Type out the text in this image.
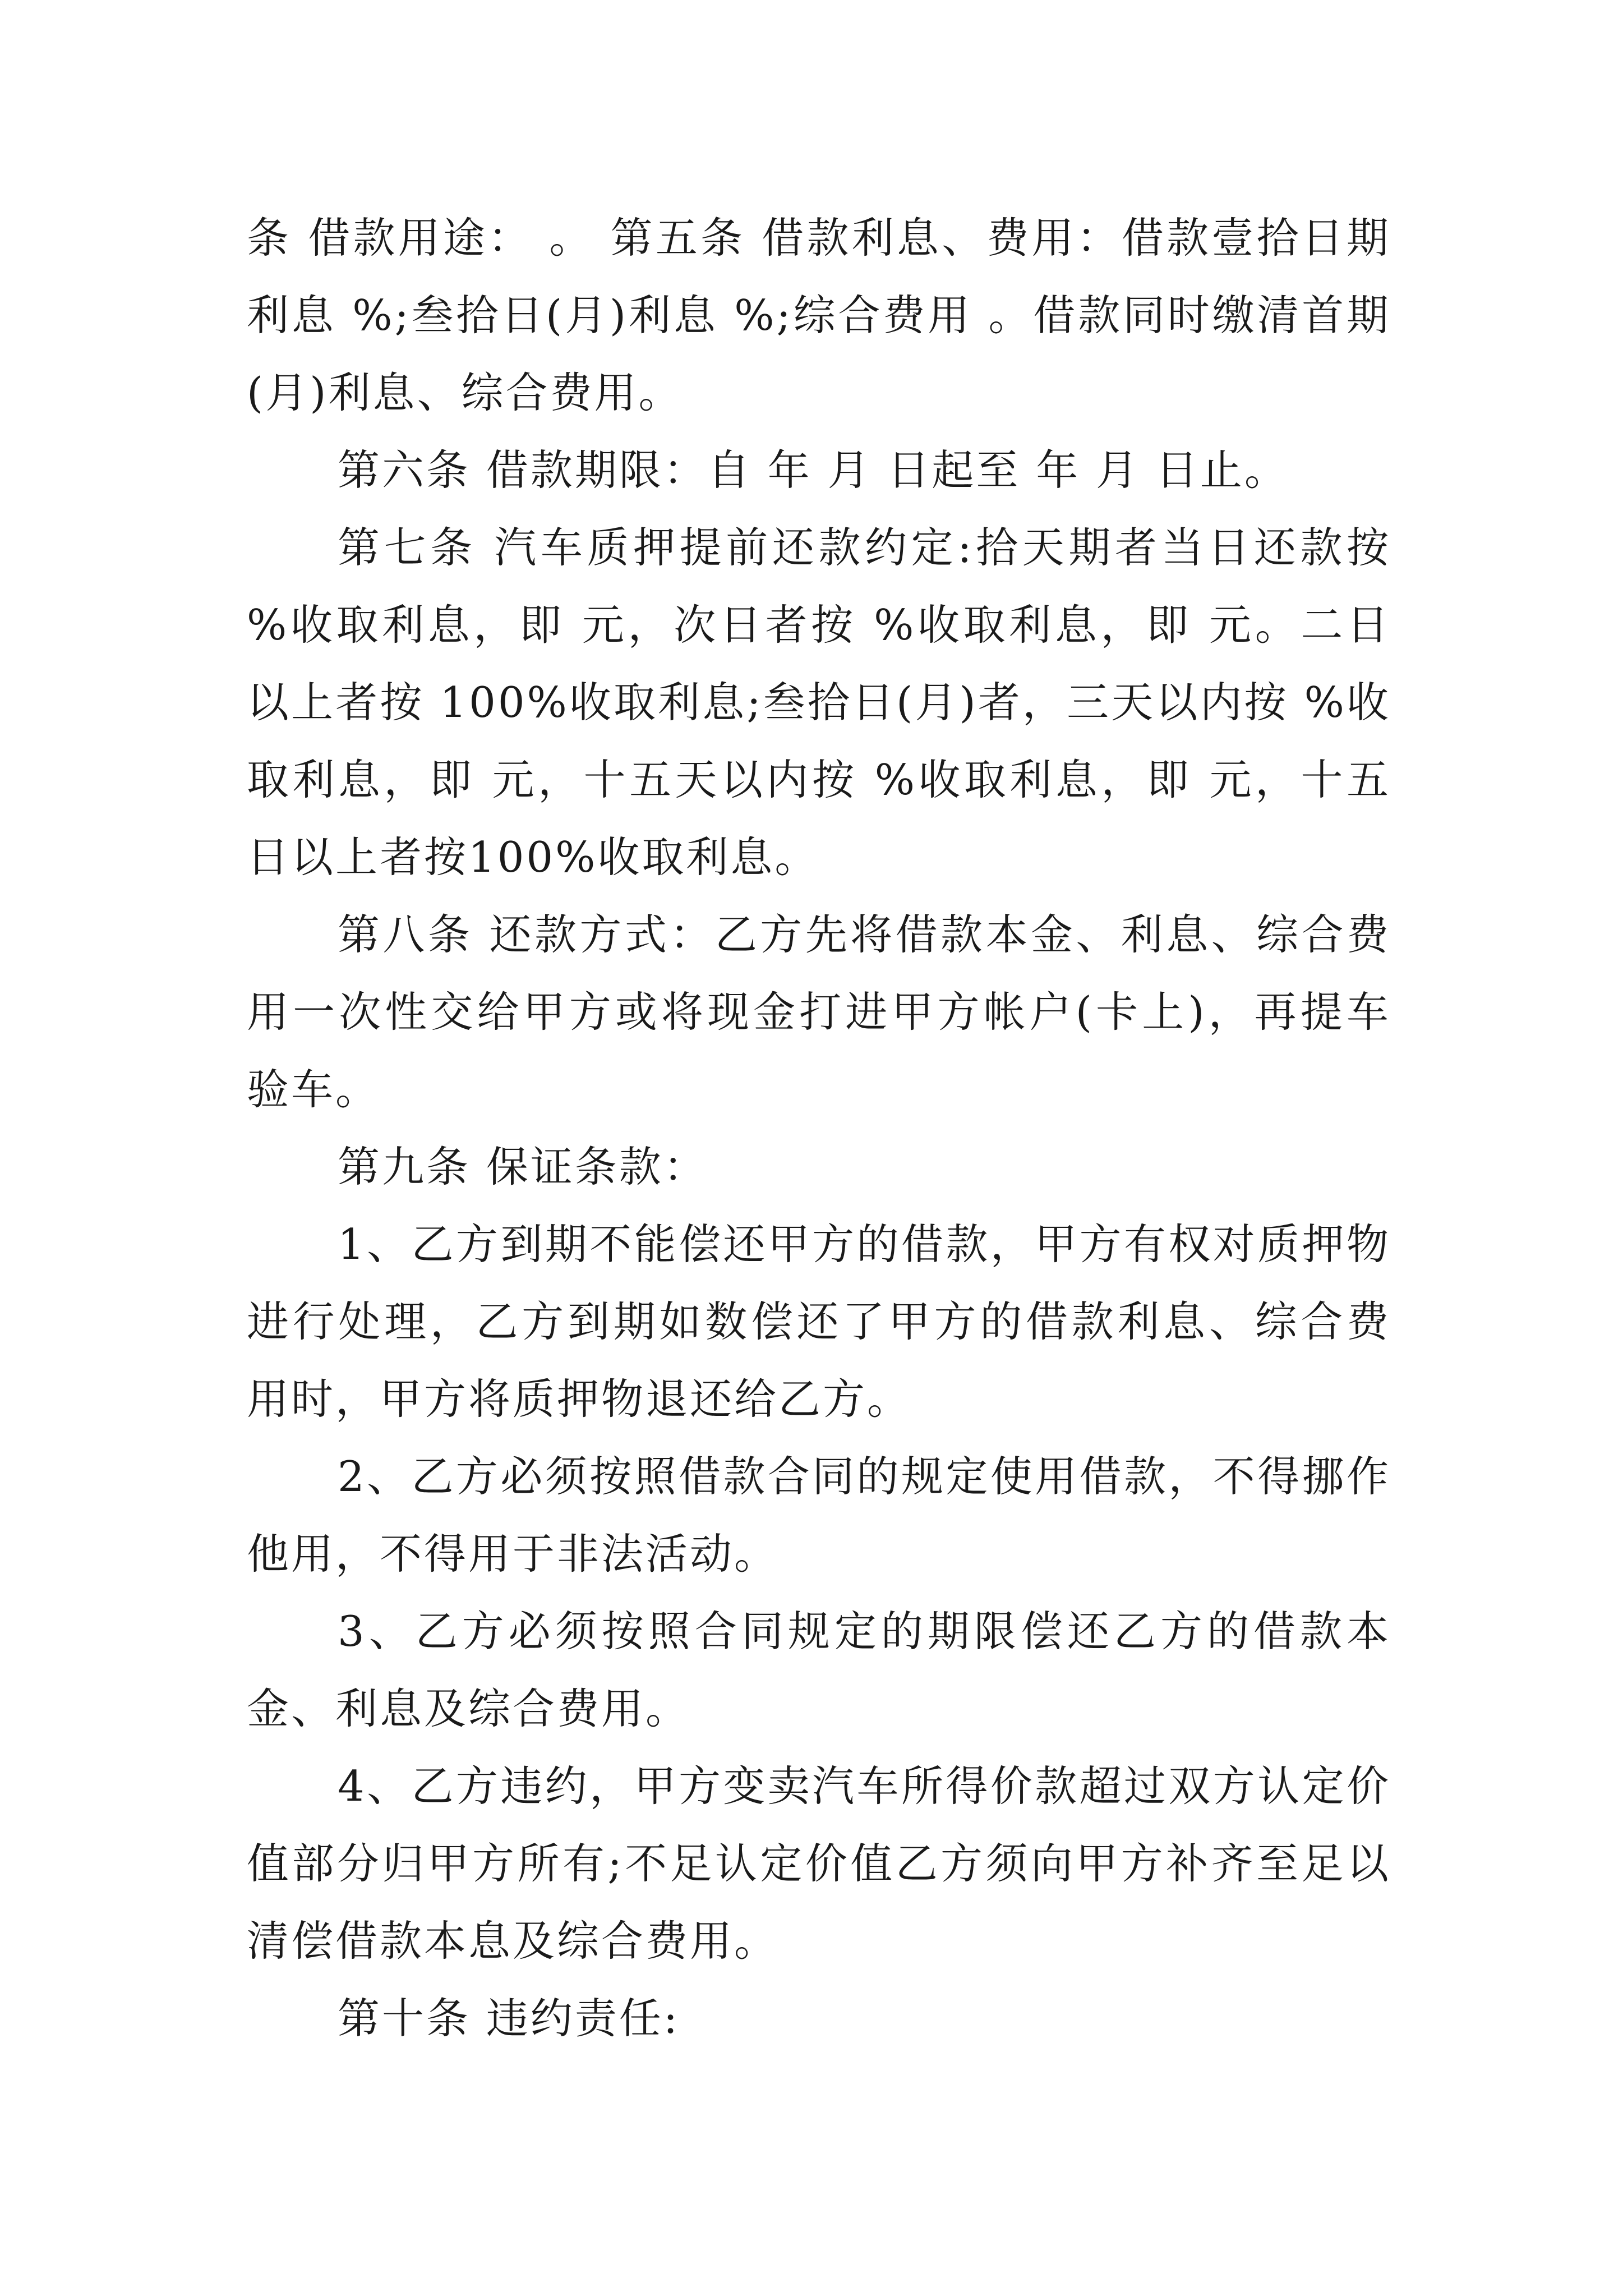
条 借款用途： 。 第五条 借款利息、费用：借款壹拾日期利息 %;叁拾日(月)利息 %;综合费用 。借款同时缴清首期(月)利息、综合费用。

第六条 借款期限：自 年 月 日起至 年 月 日止。

第七条 汽车质押提前还款约定:拾天期者当日还款按 %收取利息，即 元，次日者按 %收取利息，即 元。二日以上者按 100%收取利息;叁拾日(月)者，三天以内按 %收取利息，即 元，十五天以内按 %收取利息，即 元，十五日以上者按100%收取利息。

第八条 还款方式：乙方先将借款本金、利息、综合费用一次性交给甲方或将现金打进甲方帐户(卡上)，再提车验车。

第九条 保证条款：

1、乙方到期不能偿还甲方的借款，甲方有权对质押物进行处理，乙方到期如数偿还了甲方的借款利息、综合费用时，甲方将质押物退还给乙方。

2、乙方必须按照借款合同的规定使用借款，不得挪作他用，不得用于非法活动。

3、乙方必须按照合同规定的期限偿还乙方的借款本金、利息及综合费用。

4、乙方违约，甲方变卖汽车所得价款超过双方认定价值部分归甲方所有;不足认定价值乙方须向甲方补齐至足以清偿借款本息及综合费用。

第十条 违约责任:
